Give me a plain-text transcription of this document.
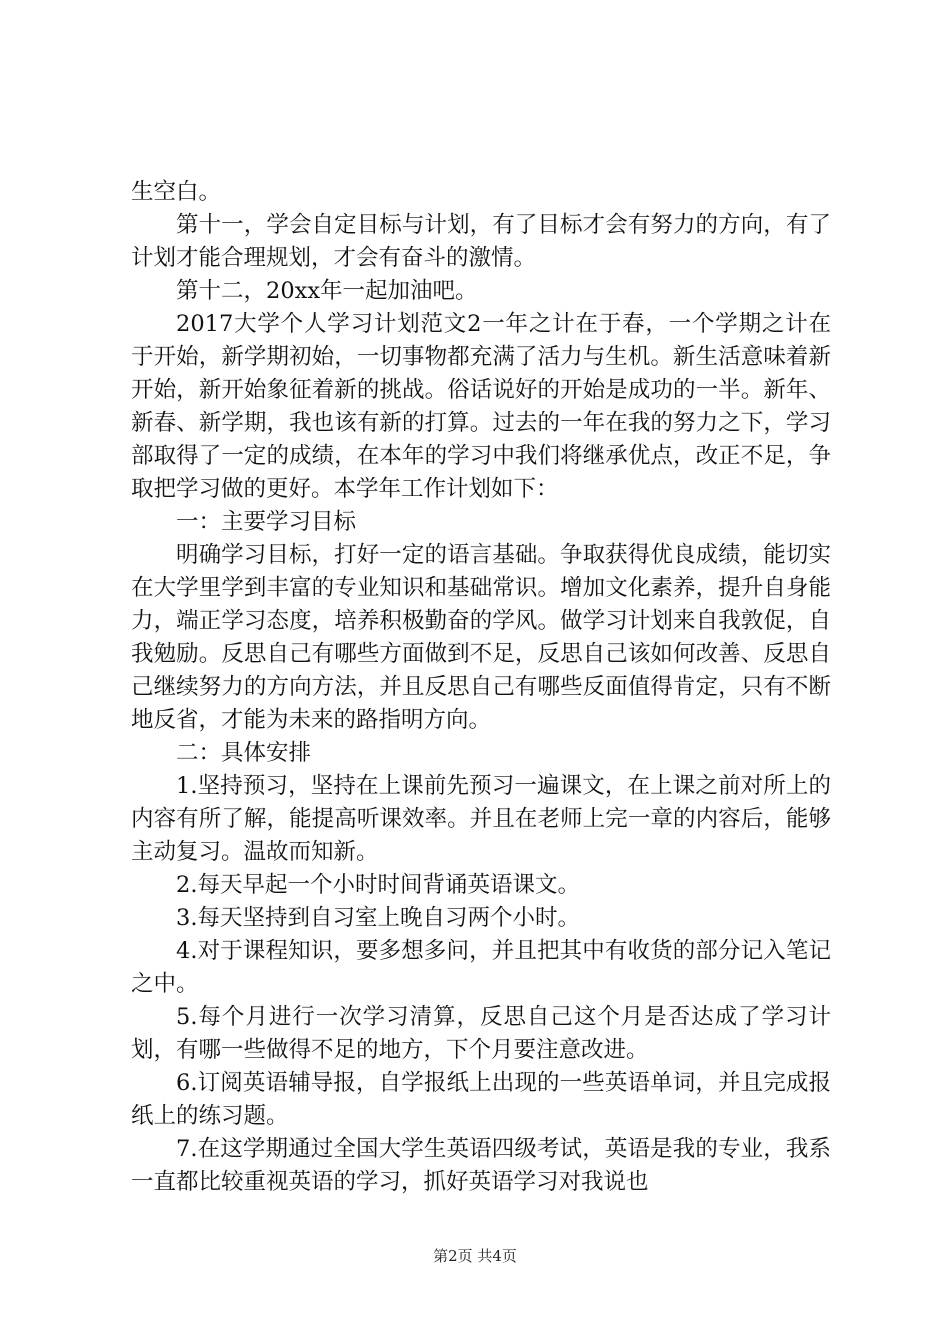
生空白。

第十一，学会自定目标与计划，有了目标才会有努力的方向，有了计划才能合理规划，才会有奋斗的激情。

第十二，20xx年一起加油吧。

2017大学个人学习计划范文2一年之计在于春，一个学期之计在于开始，新学期初始，一切事物都充满了活力与生机。新生活意味着新开始，新开始象征着新的挑战。俗话说好的开始是成功的一半。新年、新春、新学期，我也该有新的打算。过去的一年在我的努力之下，学习部取得了一定的成绩，在本年的学习中我们将继承优点，改正不足，争取把学习做的更好。本学年工作计划如下：

一：主要学习目标

明确学习目标，打好一定的语言基础。争取获得优良成绩，能切实在大学里学到丰富的专业知识和基础常识。增加文化素养，提升自身能力，端正学习态度，培养积极勤奋的学风。做学习计划来自我敦促，自我勉励。反思自己有哪些方面做到不足，反思自己该如何改善、反思自己继续努力的方向方法，并且反思自己有哪些反面值得肯定，只有不断地反省，才能为未来的路指明方向。

二：具体安排

1.坚持预习，坚持在上课前先预习一遍课文，在上课之前对所上的内容有所了解，能提高听课效率。并且在老师上完一章的内容后，能够主动复习。温故而知新。

2.每天早起一个小时时间背诵英语课文。

3.每天坚持到自习室上晚自习两个小时。

4.对于课程知识，要多想多问，并且把其中有收货的部分记入笔记之中。

5.每个月进行一次学习清算，反思自己这个月是否达成了学习计划，有哪一些做得不足的地方，下个月要注意改进。

6.订阅英语辅导报，自学报纸上出现的一些英语单词，并且完成报纸上的练习题。

7.在这学期通过全国大学生英语四级考试，英语是我的专业，我系一直都比较重视英语的学习，抓好英语学习对我说也

第2页 共4页
